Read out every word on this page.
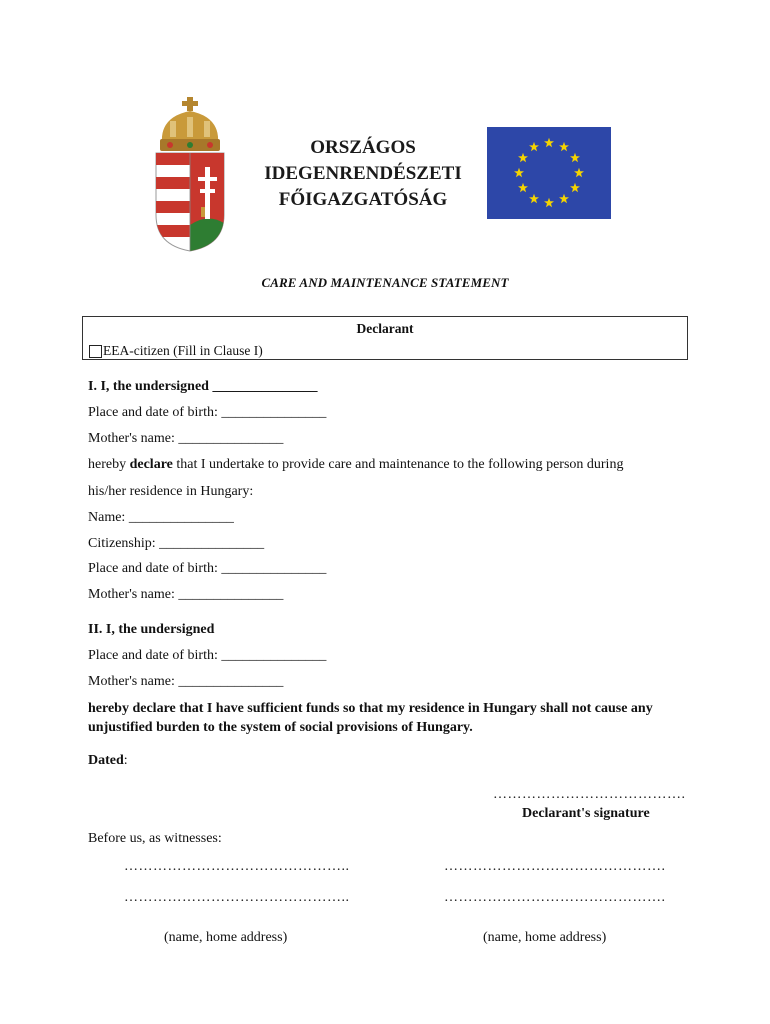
ORSZÁGOS
IDEGENRENDÉSZETI
FŐIGAZGATÓSÁG
CARE AND MAINTENANCE STATEMENT
Declarant
EEA-citizen (Fill in Clause I)
I. I, the undersigned _______________
Place and date of birth: _______________
Mother's name: _______________
hereby declare that I undertake to provide care and maintenance to the following person during
his/her residence in Hungary:
Name: _______________
Citizenship: _______________
Place and date of birth: _______________
Mother's name: _______________
II. I, the undersigned
Place and date of birth: _______________
Mother's name: _______________
hereby declare that I have sufficient funds so that my residence in Hungary shall not cause any unjustified burden to the system of social provisions of Hungary.
Dated:
………………………………….
Declarant's signature
Before us, as witnesses:
………………………………………..	……………………………………….
………………………………………..	……………………………………….
(name, home address)	(name, home address)
